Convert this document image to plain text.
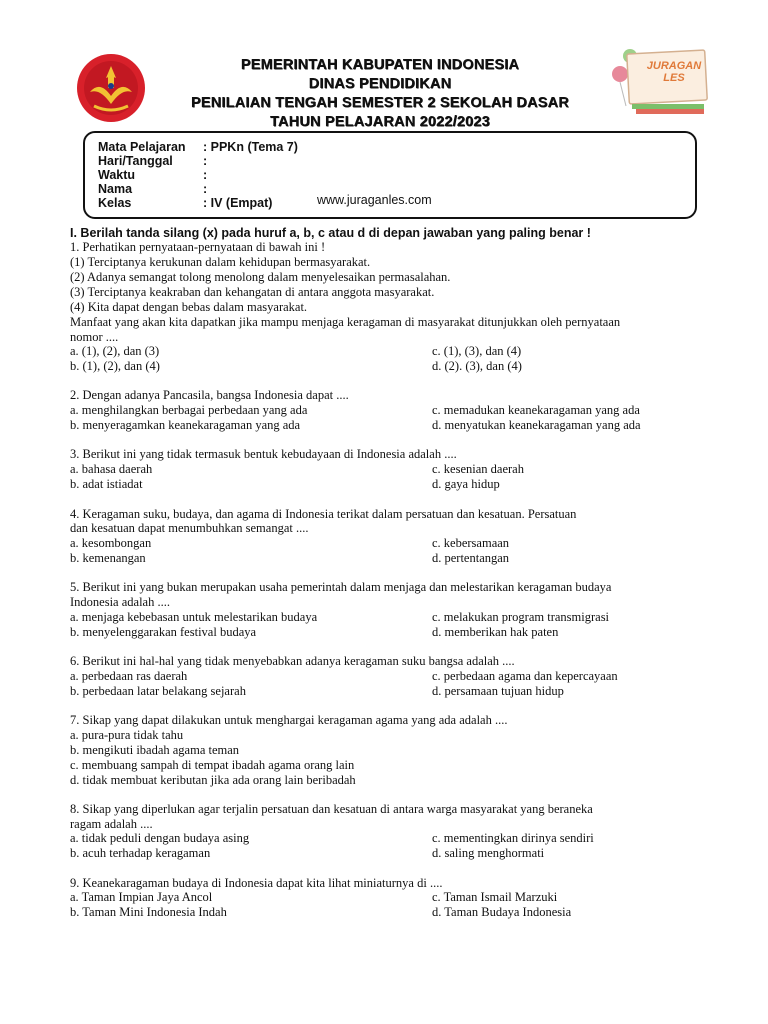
JURAGAN
LES
PEMERINTAH KABUPATEN INDONESIA
DINAS PENDIDIKAN
PENILAIAN TENGAH SEMESTER 2 SEKOLAH DASAR
TAHUN PELAJARAN 2022/2023
Mata Pelajaran : PPKn (Tema 7)
Hari/Tanggal :
Waktu	:
Nama	:
Kelas	: IV (Empat)	www.juraganles.com
I. Berilah tanda silang (x) pada huruf a, b, c atau d di depan jawaban yang paling benar !
1. Perhatikan pernyataan-pernyataan di bawah ini !
(1) Terciptanya kerukunan dalam kehidupan bermasyarakat.
(2) Adanya semangat tolong menolong dalam menyelesaikan permasalahan.
(3) Terciptanya keakraban dan kehangatan di antara anggota masyarakat.
(4) Kita dapat dengan bebas dalam masyarakat.
Manfaat yang akan kita dapatkan jika mampu menjaga keragaman di masyarakat ditunjukkan oleh pernyataan
nomor ....
a. (1), (2), dan (3)	c. (1), (3), dan (4)
b. (1), (2), dan (4)	d. (2). (3), dan (4)
2. Dengan adanya Pancasila, bangsa Indonesia dapat ....
a. menghilangkan berbagai perbedaan yang ada	c. memadukan keanekaragaman yang ada
b. menyeragamkan keanekaragaman yang ada	d. menyatukan keanekaragaman yang ada
3. Berikut ini yang tidak termasuk bentuk kebudayaan di Indonesia adalah ....
a. bahasa daerah	c. kesenian daerah
b. adat istiadat	d. gaya hidup
4. Keragaman suku, budaya, dan agama di Indonesia terikat dalam persatuan dan kesatuan. Persatuan
dan kesatuan dapat menumbuhkan semangat ....
a. kesombongan	c. kebersamaan
b. kemenangan	d. pertentangan
5. Berikut ini yang bukan merupakan usaha pemerintah dalam menjaga dan melestarikan keragaman budaya
Indonesia adalah ....
a. menjaga kebebasan untuk melestarikan budaya	c. melakukan program transmigrasi
b. menyelenggarakan festival budaya	d. memberikan hak paten
6. Berikut ini hal-hal yang tidak menyebabkan adanya keragaman suku bangsa adalah ....
a. perbedaan ras daerah	c. perbedaan agama dan kepercayaan
b. perbedaan latar belakang sejarah	d. persamaan tujuan hidup
7. Sikap yang dapat dilakukan untuk menghargai keragaman agama yang ada adalah ....
a. pura-pura tidak tahu
b. mengikuti ibadah agama teman
c. membuang sampah di tempat ibadah agama orang lain
d. tidak membuat keributan jika ada orang lain beribadah
8. Sikap yang diperlukan agar terjalin persatuan dan kesatuan di antara warga masyarakat yang beraneka
ragam adalah ....
a. tidak peduli dengan budaya asing	c. mementingkan dirinya sendiri
b. acuh terhadap keragaman	d. saling menghormati
9. Keanekaragaman budaya di Indonesia dapat kita lihat miniaturnya di ....
a. Taman Impian Jaya Ancol	c. Taman Ismail Marzuki
b. Taman Mini Indonesia Indah	d. Taman Budaya Indonesia
